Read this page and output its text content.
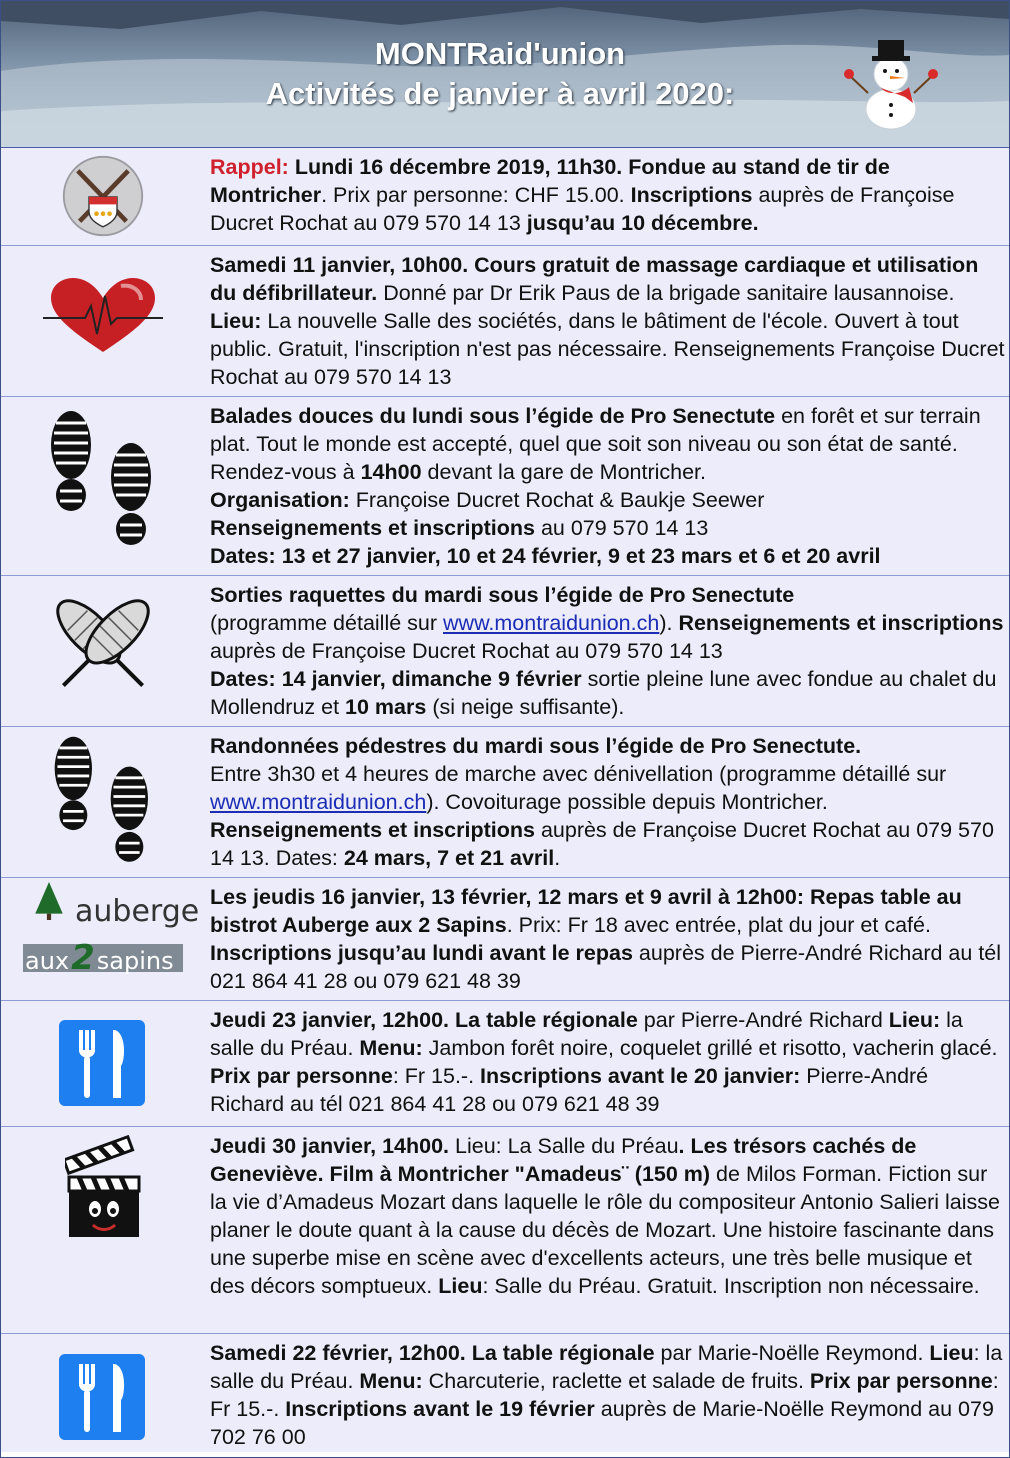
MONTRaid'union
Activités de janvier à avril 2020:
Rappel: Lundi 16 décembre 2019, 11h30. Fondue au stand de tir de Montricher. Prix par personne: CHF 15.00. Inscriptions auprès de Françoise Ducret Rochat au 079 570 14 13 jusqu’au 10 décembre.
Samedi 11 janvier, 10h00. Cours gratuit de massage cardiaque et utilisation du défibrillateur. Donné par Dr Erik Paus de la brigade sanitaire lausannoise. Lieu: La nouvelle Salle des sociétés, dans le bâtiment de l'école. Ouvert à tout public. Gratuit, l'inscription n'est pas nécessaire. Renseignements Françoise Ducret Rochat au 079 570 14 13
Balades douces du lundi sous l’égide de Pro Senectute en forêt et sur terrain plat. Tout le monde est accepté, quel que soit son niveau ou son état de santé. Rendez-vous à 14h00 devant la gare de Montricher.
Organisation: Françoise Ducret Rochat & Baukje Seewer
Renseignements et inscriptions au 079 570 14 13
Dates: 13 et 27 janvier, 10 et 24 février, 9 et 23 mars et 6 et 20 avril
Sorties raquettes du mardi sous l’égide de Pro Senectute
(programme détaillé sur www.montraidunion.ch). Renseignements et inscriptions auprès de Françoise Ducret Rochat au 079 570 14 13
Dates: 14 janvier, dimanche 9 février sortie pleine lune avec fondue au chalet du Mollendruz et 10 mars (si neige suffisante).
Randonnées pédestres du mardi sous l’égide de Pro Senectute.
Entre 3h30 et 4 heures de marche avec dénivellation (programme détaillé sur www.montraidunion.ch). Covoiturage possible depuis Montricher.
Renseignements et inscriptions auprès de Françoise Ducret Rochat au 079 570 14 13. Dates: 24 mars, 7 et 21 avril.
auberge
aux2sapins
Les jeudis 16 janvier, 13 février, 12 mars et 9 avril à 12h00: Repas table au bistrot Auberge aux 2 Sapins. Prix: Fr 18 avec entrée, plat du jour et café. Inscriptions jusqu’au lundi avant le repas auprès de Pierre-André Richard au tél 021 864 41 28 ou 079 621 48 39
Jeudi 23 janvier, 12h00. La table régionale par Pierre-André Richard Lieu: la salle du Préau. Menu: Jambon forêt noire, coquelet grillé et risotto, vacherin glacé. Prix par personne: Fr 15.-. Inscriptions avant le 20 janvier: Pierre-André Richard au tél 021 864 41 28 ou 079 621 48 39
Jeudi 30 janvier, 14h00. Lieu: La Salle du Préau. Les trésors cachés de Geneviève. Film à Montricher "Amadeus¨ (150 m) de Milos Forman. Fiction sur la vie d’Amadeus Mozart dans laquelle le rôle du compositeur Antonio Salieri laisse planer le doute quant à la cause du décès de Mozart. Une histoire fascinante dans une superbe mise en scène avec d'excellents acteurs, une très belle musique et des décors somptueux. Lieu: Salle du Préau. Gratuit. Inscription non nécessaire.
Samedi 22 février, 12h00. La table régionale par Marie-Noëlle Reymond. Lieu: la salle du Préau. Menu: Charcuterie, raclette et salade de fruits. Prix par personne: Fr 15.-. Inscriptions avant le 19 février auprès de Marie-Noëlle Reymond au 079 702 76 00
